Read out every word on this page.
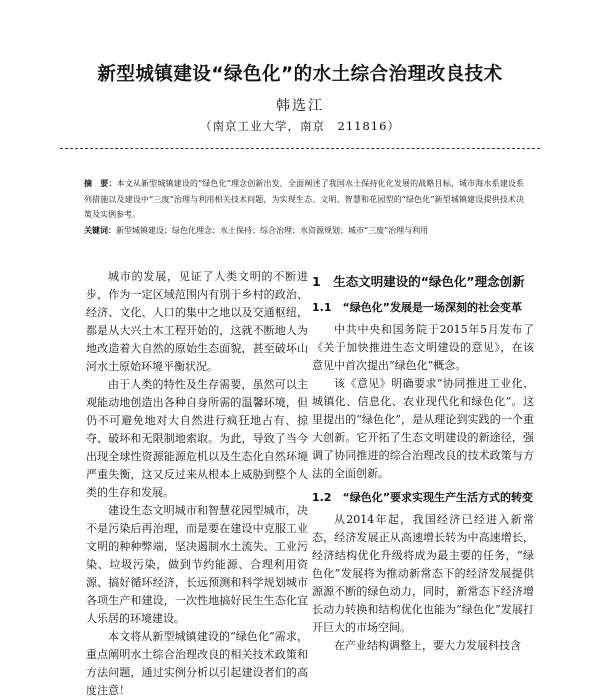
新型城镇建设“绿色化”的水土综合治理改良技术
韩选江
（南京工业大学，南京　211816）

摘　要：本文从新型城镇建设的“绿色化”理念创新出发，全面阐述了我国水土保持化化发展的战略目标、城市海水系建设系列措施以及建设中“三废”治理与利用相关技术问题，为实现生态、文明、智慧和花园型的“绿色化”新型城镇建设提供技术决策及实例参考。

关键词：新型城镇建设；绿色化理念；水土保持；综合治理；水资源规划；城市“三废”治理与利用

城市的发展，见证了人类文明的不断进步，作为一定区域范围内有別于乡村的政治、经济、文化、人口的集中之地以及交通枢纽，都是从大兴土木工程开始的，这就不断地人为地改造着大自然的原始生态面貌，甚至破坏山河水土原始环境平衡状况。

由于人类的特性及生存需要，虽然可以主观能动地创造出各种自身所需的温馨环境，但仍不可避免地对大自然进行疯狂地占有、掠夺、破坏和无限制地索取。为此，导致了当今出现全球性资源能源危机以及生态化自然环境严重失衡，这又反过来从根本上威胁到整个人类的生存和发展。

建设生态文明城市和智慧花园型城市，决不是污染后再治理，而是要在建设中克服工业文明的种种弊端，坚决遏制水土流失、工业污染、垃圾污染，做到节约能源、合理利用资源、搞好循环经济，长远预测和科学规划城市各项生产和建设，一次性地搞好民生生态化宜人乐居的环境建设。

本文将从新型城镇建设的“绿色化”需求，重点阐明水土综合治理改良的相关技术政策和方法问题，通过实例分析以引起建设者们的高度注意！

1　生态文明建设的“绿色化”理念创新
1.1　“绿色化”发展是一场深刻的社会变革

中共中央和国务院于2015年5月发布了《关于加快推进生态文明建设的意见》，在该意见中首次提出“绿色化”概念。

该《意见》明确要求“协同推进工业化、城镇化、信息化、农业现代化和绿色化”。这里提出的“绿色化”，是从理论到实践的一个重大创新。它开拓了生态文明建设的新途径，强调了协同推进的综合治理改良的技术政策与方法的全面创新。

1.2　“绿色化”要求实现生产生活方式的转变

从2014年起，我国经济已经进入新常态，经济发展正从高速增长转为中高速增长，经济结构优化升级将成为最主要的任务，“绿色化”发展将为推动新常态下的经济发展提供源源不断的绿色动力，同时，新常态下经济增长动力转换和结构优化也能为“绿色化”发展打开巨大的市场空间。

在产业结构调整上，要大力发展科技含
